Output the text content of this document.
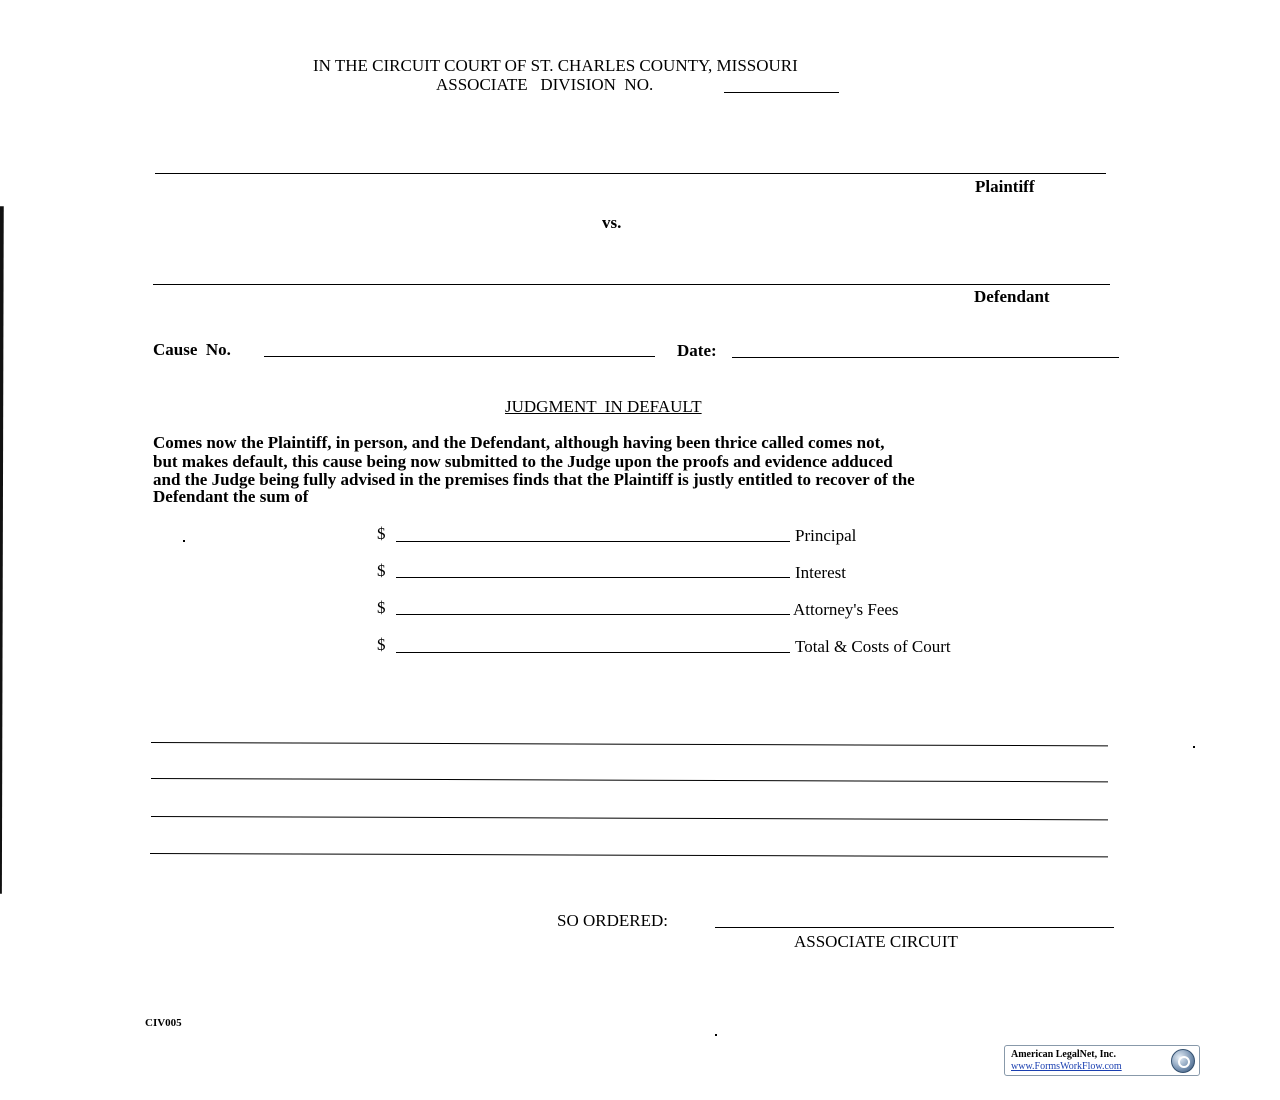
IN THE CIRCUIT COURT OF ST. CHARLES COUNTY, MISSOURI
ASSOCIATE   DIVISION  NO.
Plaintiff
vs.
Defendant
Cause  No.	Date:
JUDGMENT  IN DEFAULT
Comes now the Plaintiff, in person, and the Defendant, although having been thrice called comes not,
but makes default, this cause being now submitted to the Judge upon the proofs and evidence adduced
and the Judge being fully advised in the premises finds that the Plaintiff is justly entitled to recover of the
Defendant the sum of
$	Principal
$	Interest
$	Attorney's Fees
$	Total & Costs of Court
SO ORDERED:
ASSOCIATE CIRCUIT
CIV005
American LegalNet, Inc.
www.FormsWorkFlow.com
